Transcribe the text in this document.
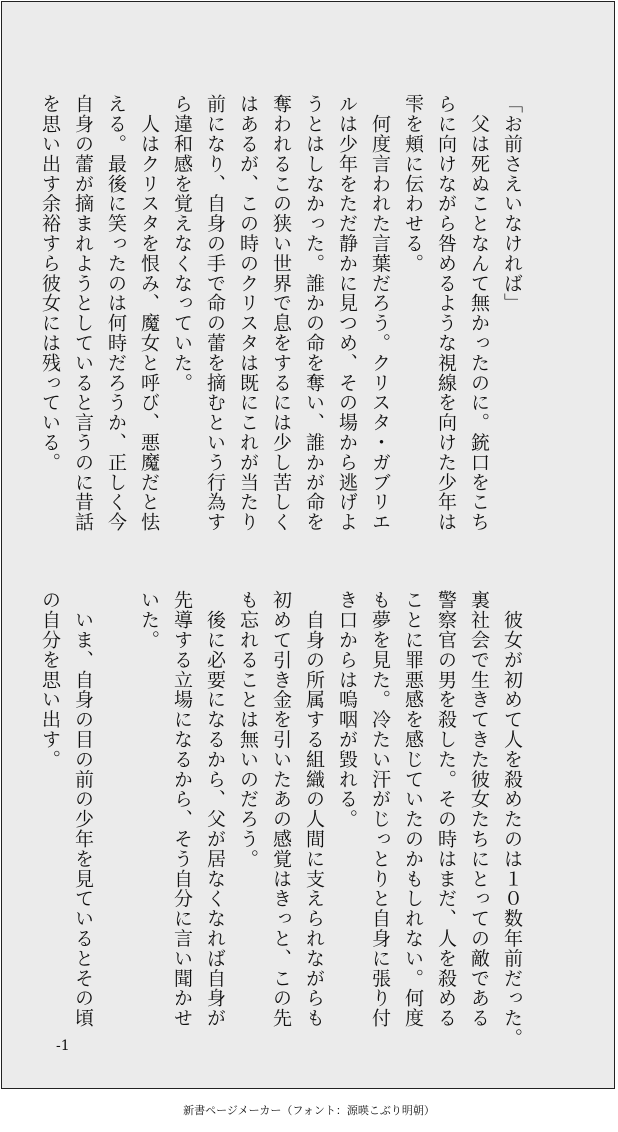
「お前さえいなければ」
　父は死ぬことなんて無かったのに。銃口をこち
らに向けながら咎めるような視線を向けた少年は
雫を頬に伝わせる。
　何度言われた言葉だろう。クリスタ・ガブリエ
ルは少年をただ静かに見つめ、その場から逃げよ
うとはしなかった。誰かの命を奪い、誰かが命を
奪われるこの狭い世界で息をするには少し苦しく
はあるが、この時のクリスタは既にこれが当たり
前になり、自身の手で命の蕾を摘むという行為す
ら違和感を覚えなくなっていた。
　人はクリスタを恨み、魔女と呼び、悪魔だと怯
える。最後に笑ったのは何時だろうか、正しく今
自身の蕾が摘まれようとしていると言うのに昔話
を思い出す余裕すら彼女には残っている。
　彼女が初めて人を殺めたのは１０数年前だった。
裏社会で生きてきた彼女たちにとっての敵である
警察官の男を殺した。その時はまだ、人を殺める
ことに罪悪感を感じていたのかもしれない。何度
も夢を見た。冷たい汗がじっとりと自身に張り付
き口からは嗚咽が毀れる。
　自身の所属する組織の人間に支えられながらも
初めて引き金を引いたあの感覚はきっと、この先
も忘れることは無いのだろう。
　後に必要になるから、父が居なくなれば自身が
先導する立場になるから、そう自分に言い聞かせ
いた。

　いま、自身の目の前の少年を見ているとその頃
の自分を思い出す。
-1
新書ページメーカー（フォント：源暎こぶり明朝）
